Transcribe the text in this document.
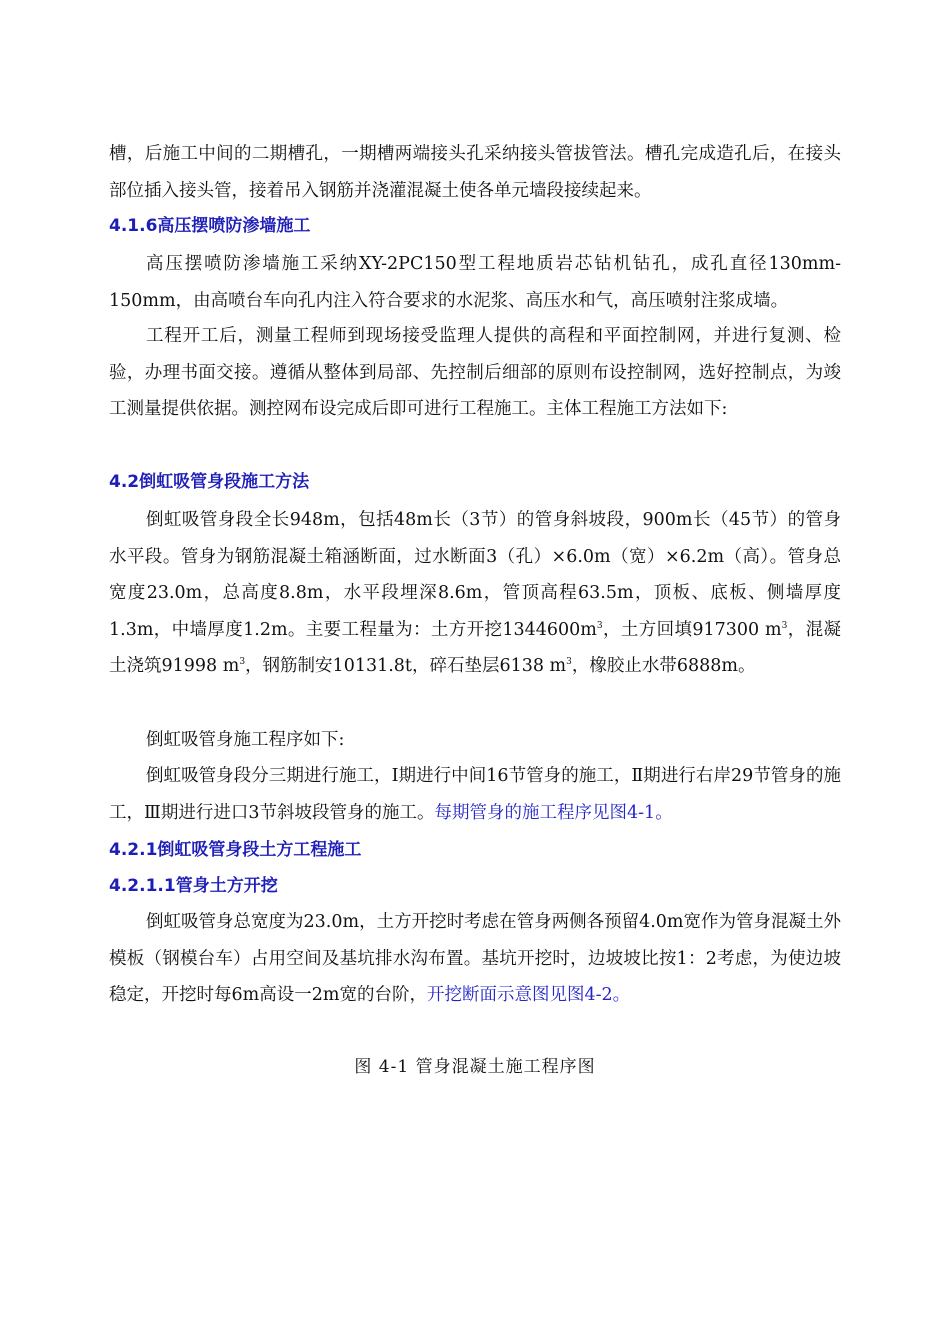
槽，后施工中间的二期槽孔，一期槽两端接头孔采纳接头管拔管法。槽孔完成造孔后，在接头部位插入接头管，接着吊入钢筋并浇灌混凝土使各单元墙段接续起来。

4.1.6高压摆喷防渗墙施工

高压摆喷防渗墙施工采纳XY-2PC150型工程地质岩芯钻机钻孔，成孔直径130mm-150mm，由高喷台车向孔内注入符合要求的水泥浆、高压水和气，高压喷射注浆成墙。

工程开工后，测量工程师到现场接受监理人提供的高程和平面控制网，并进行复测、检验，办理书面交接。遵循从整体到局部、先控制后细部的原则布设控制网，选好控制点，为竣工测量提供依据。测控网布设完成后即可进行工程施工。主体工程施工方法如下:

4.2倒虹吸管身段施工方法

倒虹吸管身段全长948m，包括48m长（3节）的管身斜坡段，900m长（45节）的管身水平段。管身为钢筋混凝土箱涵断面，过水断面3（孔）×6.0m（宽）×6.2m（高）。管身总宽度23.0m，总高度8.8m，水平段埋深8.6m，管顶高程63.5m，顶板、底板、侧墙厚度1.3m，中墙厚度1.2m。主要工程量为：土方开挖$1344600m^3$，土方回填917300 $m^3$，混凝土浇筑91998 $m^3$，钢筋制安10131.8t，碎石垫层6138 $m^3$，橡胶止水带6888m。

倒虹吸管身施工程序如下:

倒虹吸管身段分三期进行施工，Ⅰ期进行中间16节管身的施工，Ⅱ期进行右岸29节管身的施工，Ⅲ期进行进口3节斜坡段管身的施工。每期管身的施工程序见图4-1。

4.2.1倒虹吸管身段土方工程施工
4.2.1.1管身土方开挖

倒虹吸管身总宽度为23.0m，土方开挖时考虑在管身两侧各预留4.0m宽作为管身混凝土外模板（钢模台车）占用空间及基坑排水沟布置。基坑开挖时，边坡坡比按1：2考虑，为使边坡稳定，开挖时每6m高设一2m宽的台阶，开挖断面示意图见图4-2。

图 4-1 管身混凝土施工程序图
